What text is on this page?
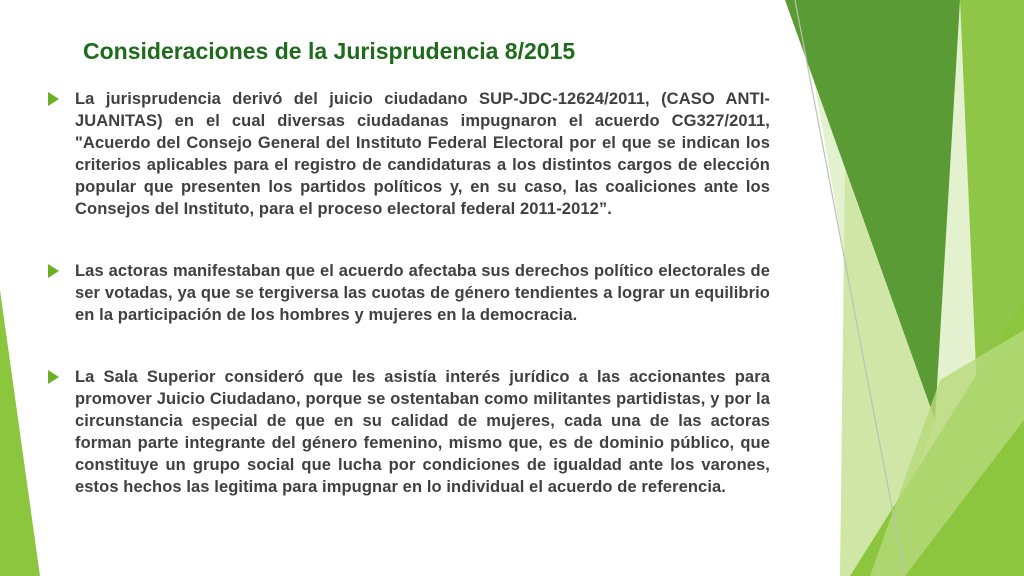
Consideraciones de la Jurisprudencia 8/2015

La jurisprudencia derivó del juicio ciudadano SUP-JDC-12624/2011, (CASO ANTI-JUANITAS) en el cual diversas ciudadanas impugnaron el acuerdo CG327/2011, "Acuerdo del Consejo General del Instituto Federal Electoral por el que se indican los criterios aplicables para el registro de candidaturas a los distintos cargos de elección popular que presenten los partidos políticos y, en su caso, las coaliciones ante los Consejos del Instituto, para el proceso electoral federal 2011-2012”.

Las actoras manifestaban que el acuerdo afectaba sus derechos político electorales de ser votadas, ya que se tergiversa las cuotas de género tendientes a lograr un equilibrio en la participación de los hombres y mujeres en la democracia.

La Sala Superior consideró que les asistía interés jurídico a las accionantes para promover Juicio Ciudadano, porque se ostentaban como militantes partidistas, y por la circunstancia especial de que en su calidad de mujeres, cada una de las actoras forman parte integrante del género femenino, mismo que, es de dominio público, que constituye un grupo social que lucha por condiciones de igualdad ante los varones, estos hechos las legitima para impugnar en lo individual el acuerdo de referencia.
